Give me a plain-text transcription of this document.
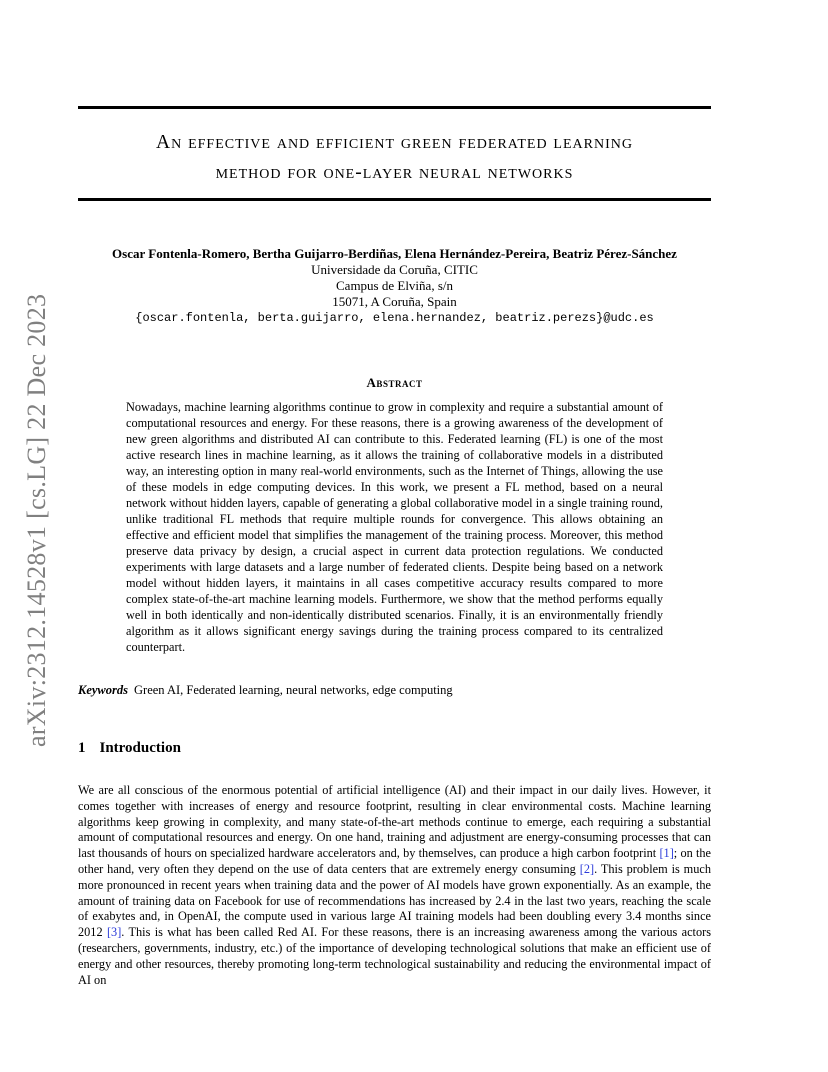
arXiv:2312.14528v1 [cs.LG] 22 Dec 2023
An effective and efficient green federated learning
method for one-layer neural networks
Oscar Fontenla-Romero, Bertha Guijarro-Berdiñas, Elena Hernández-Pereira, Beatriz Pérez-Sánchez
Universidade da Coruña, CITIC
Campus de Elviña, s/n
15071, A Coruña, Spain
{oscar.fontenla, berta.guijarro, elena.hernandez, beatriz.perezs}@udc.es
Abstract

Nowadays, machine learning algorithms continue to grow in complexity and require a substantial amount of computational resources and energy. For these reasons, there is a growing awareness of the development of new green algorithms and distributed AI can contribute to this. Federated learning (FL) is one of the most active research lines in machine learning, as it allows the training of collaborative models in a distributed way, an interesting option in many real-world environments, such as the Internet of Things, allowing the use of these models in edge computing devices. In this work, we present a FL method, based on a neural network without hidden layers, capable of generating a global collaborative model in a single training round, unlike traditional FL methods that require multiple rounds for convergence. This allows obtaining an effective and efficient model that simplifies the management of the training process. Moreover, this method preserve data privacy by design, a crucial aspect in current data protection regulations. We conducted experiments with large datasets and a large number of federated clients. Despite being based on a network model without hidden layers, it maintains in all cases competitive accuracy results compared to more complex state-of-the-art machine learning models. Furthermore, we show that the method performs equally well in both identically and non-identically distributed scenarios. Finally, it is an environmentally friendly algorithm as it allows significant energy savings during the training process compared to its centralized counterpart.

Keywords Green AI, Federated learning, neural networks, edge computing
1 Introduction

We are all conscious of the enormous potential of artificial intelligence (AI) and their impact in our daily lives. However, it comes together with increases of energy and resource footprint, resulting in clear environmental costs. Machine learning algorithms keep growing in complexity, and many state-of-the-art methods continue to emerge, each requiring a substantial amount of computational resources and energy. On one hand, training and adjustment are energy-consuming processes that can last thousands of hours on specialized hardware accelerators and, by themselves, can produce a high carbon footprint [1]; on the other hand, very often they depend on the use of data centers that are extremely energy consuming [2]. This problem is much more pronounced in recent years when training data and the power of AI models have grown exponentially. As an example, the amount of training data on Facebook for use of recommendations has increased by 2.4 in the last two years, reaching the scale of exabytes and, in OpenAI, the compute used in various large AI training models had been doubling every 3.4 months since 2012 [3]. This is what has been called Red AI. For these reasons, there is an increasing awareness among the various actors (researchers, governments, industry, etc.) of the importance of developing technological solutions that make an efficient use of energy and other resources, thereby promoting long-term technological sustainability and reducing the environmental impact of AI on
